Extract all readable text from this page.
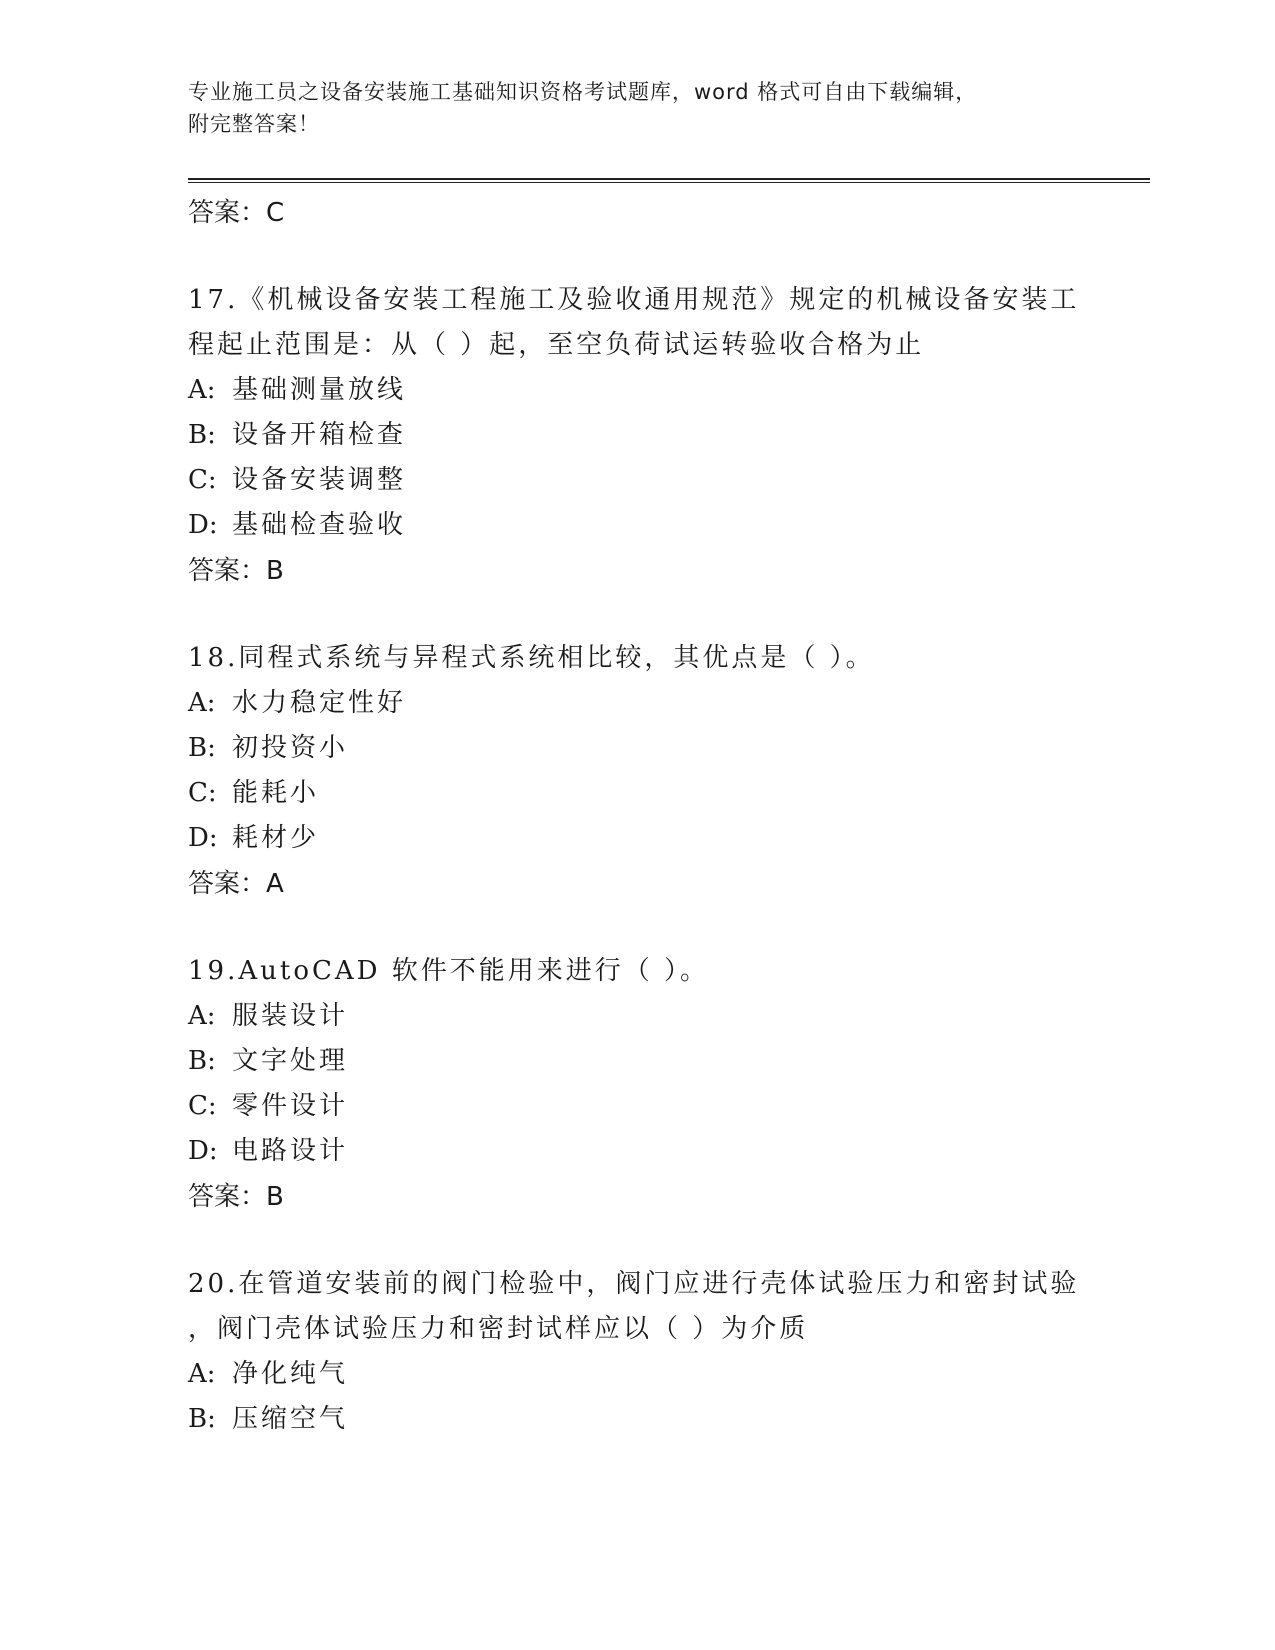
专业施工员之设备安装施工基础知识资格考试题库，word 格式可自由下载编辑，
附完整答案！
答案：C
17.《机械设备安装工程施工及验收通用规范》规定的机械设备安装工
程起止范围是：从（ ）起，至空负荷试运转验收合格为止
A: 基础测量放线
B: 设备开箱检查
C: 设备安装调整
D: 基础检查验收
答案：B
18.同程式系统与异程式系统相比较，其优点是（ ）。
A: 水力稳定性好
B: 初投资小
C: 能耗小
D: 耗材少
答案：A
19.AutoCAD 软件不能用来进行（ ）。
A: 服装设计
B: 文字处理
C: 零件设计
D: 电路设计
答案：B
20.在管道安装前的阀门检验中，阀门应进行壳体试验压力和密封试验
，阀门壳体试验压力和密封试样应以（ ）为介质
A: 净化纯气
B: 压缩空气
